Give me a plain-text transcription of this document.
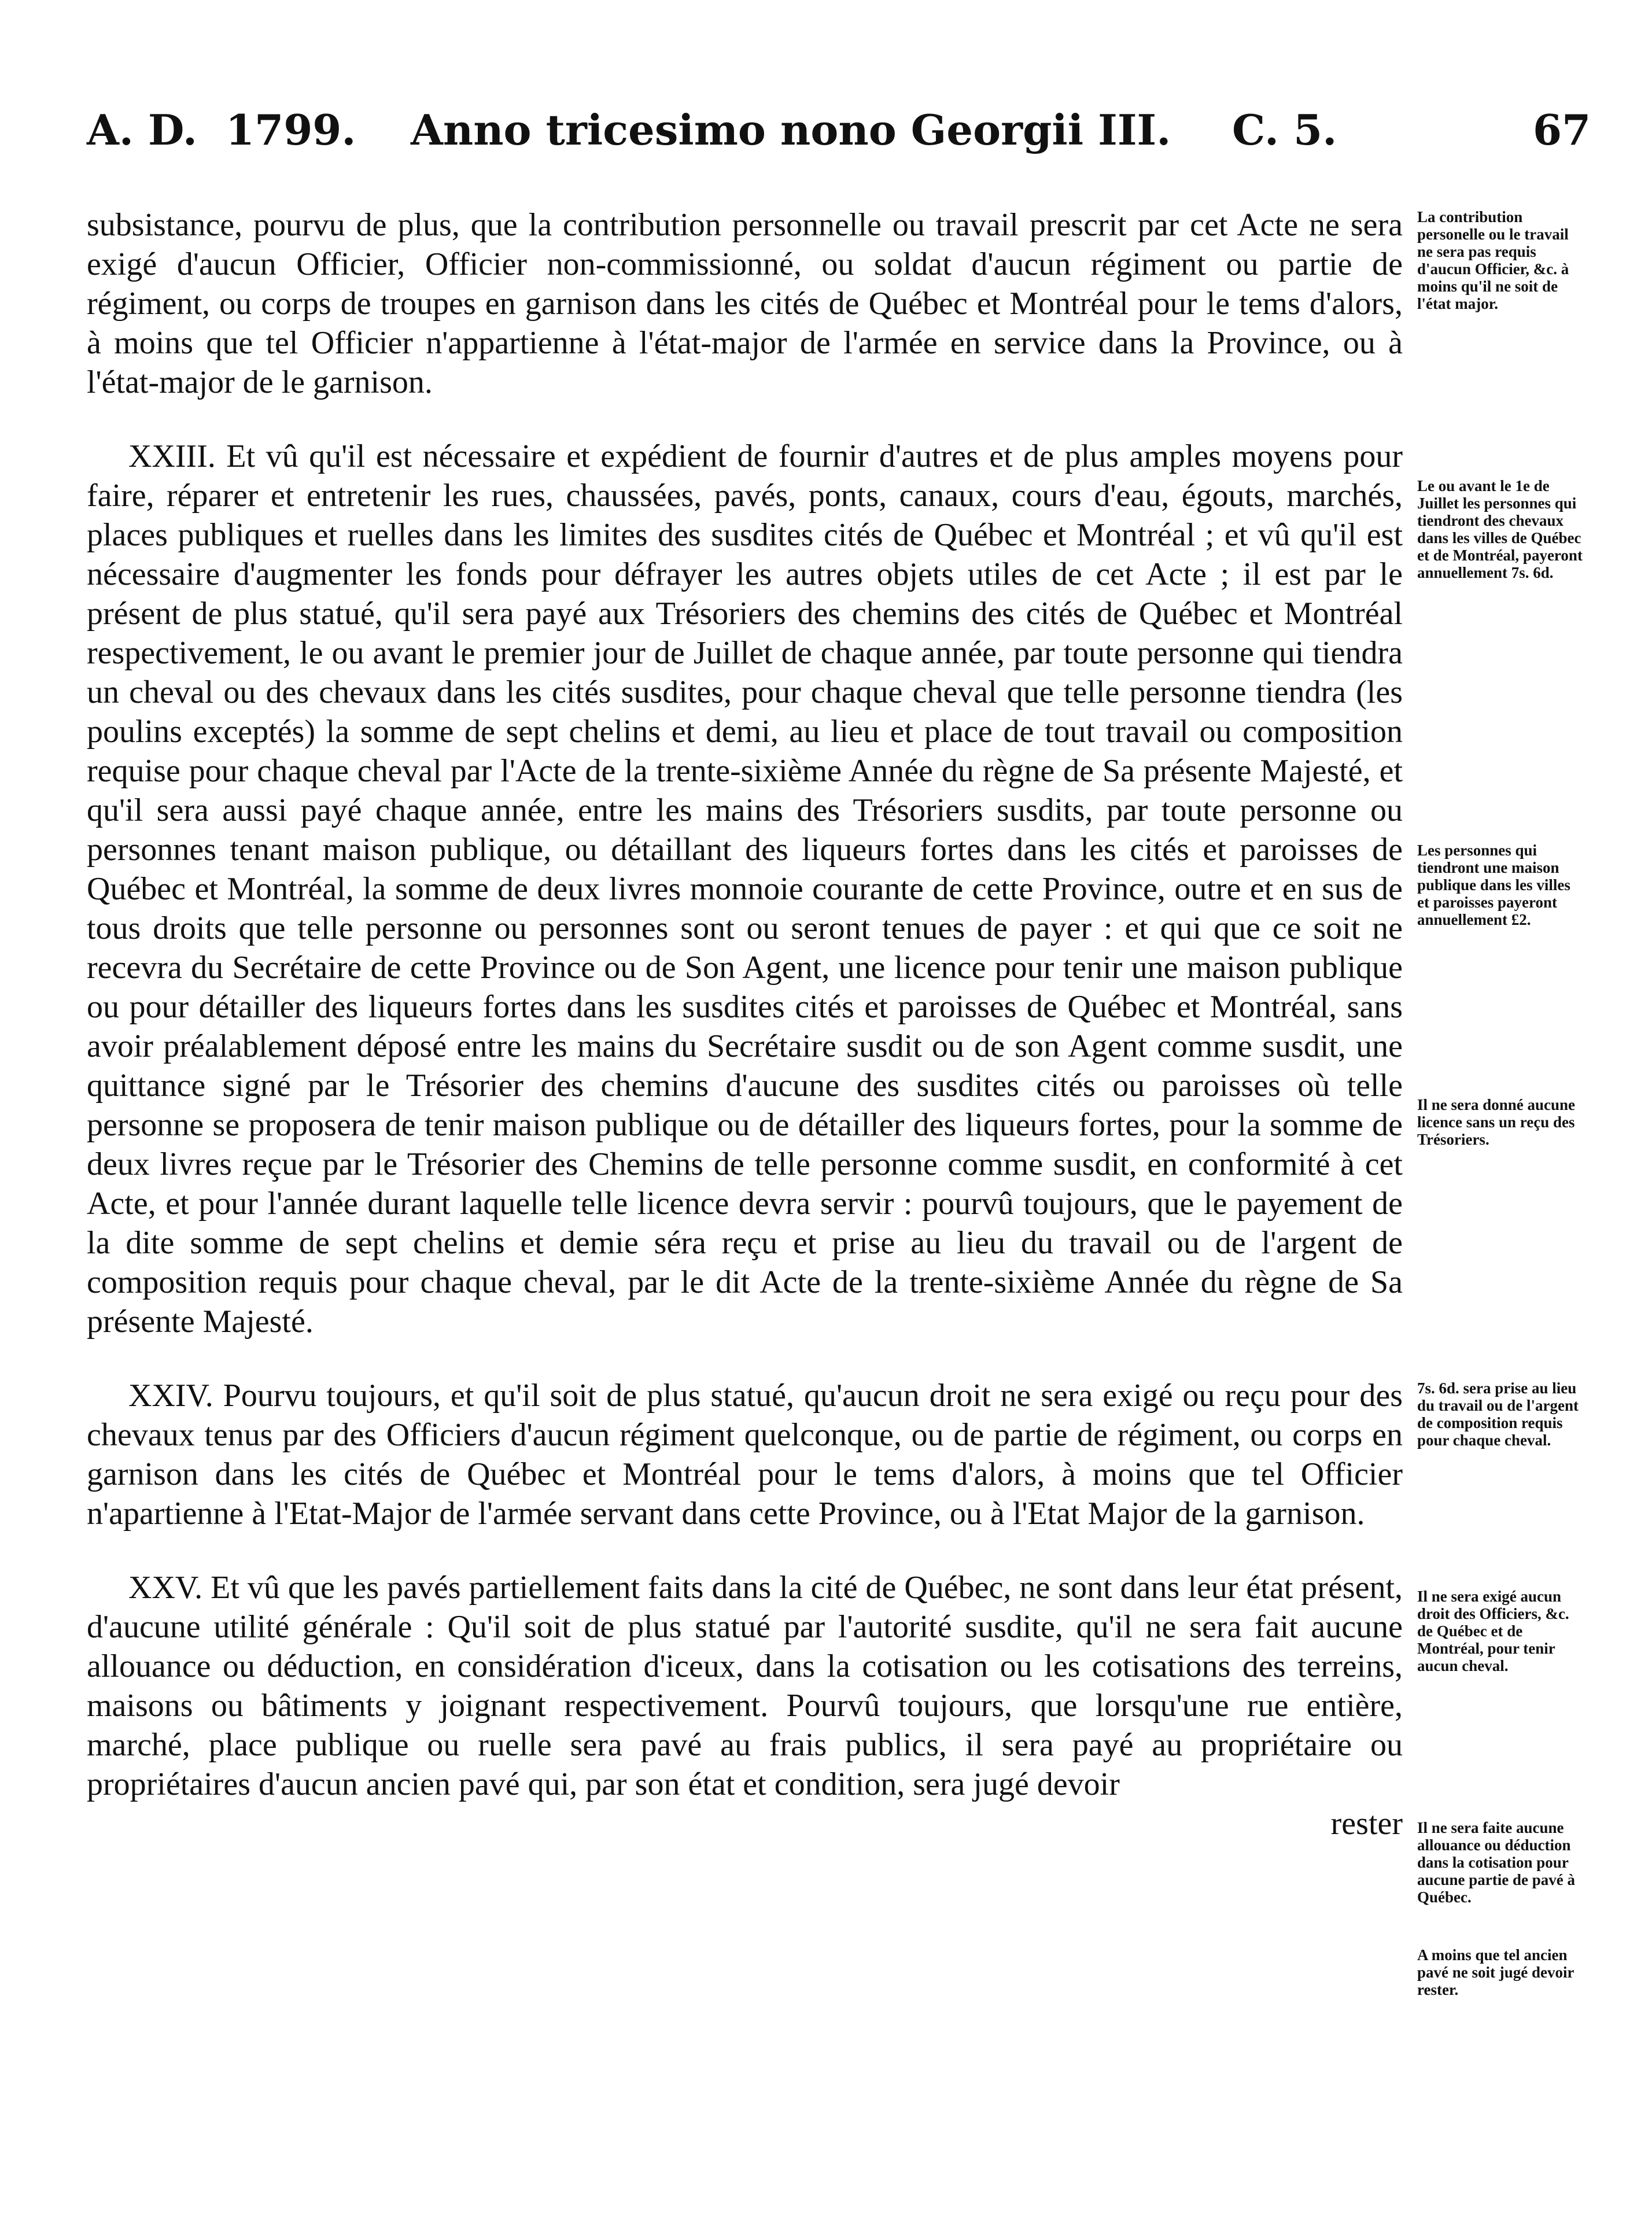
A. D. 1799. Anno tricesimo nono Georgii III. C. 5.	67

subsistance, pourvu de plus, que la contribution personnelle ou travail prescrit par cet Acte ne sera exigé d'aucun Officier, Officier non-commissionné, ou soldat d'aucun régiment ou partie de régiment, ou corps de troupes en garnison dans les cités de Québec et Montréal pour le tems d'alors, à moins que tel Officier n'appartienne à l'état-major de l'armée en service dans la Province, ou à l'état-major de le garnison.

XXIII. Et vû qu'il est nécessaire et expédient de fournir d'autres et de plus amples moyens pour faire, réparer et entretenir les rues, chaussées, pavés, ponts, canaux, cours d'eau, égouts, marchés, places publiques et ruelles dans les limites des susdites cités de Québec et Montréal ; et vû qu'il est nécessaire d'augmenter les fonds pour défrayer les autres objets utiles de cet Acte ; il est par le présent de plus statué, qu'il sera payé aux Trésoriers des chemins des cités de Québec et Montréal respectivement, le ou avant le premier jour de Juillet de chaque année, par toute personne qui tiendra un cheval ou des chevaux dans les cités susdites, pour chaque cheval que telle personne tiendra (les poulins exceptés) la somme de sept chelins et demi, au lieu et place de tout travail ou composition requise pour chaque cheval par l'Acte de la trente-sixième Année du règne de Sa présente Majesté, et qu'il sera aussi payé chaque année, entre les mains des Trésoriers susdits, par toute personne ou personnes tenant maison publique, ou détaillant des liqueurs fortes dans les cités et paroisses de Québec et Montréal, la somme de deux livres monnoie courante de cette Province, outre et en sus de tous droits que telle personne ou personnes sont ou seront tenues de payer : et qui que ce soit ne recevra du Secrétaire de cette Province ou de Son Agent, une licence pour tenir une maison publique ou pour détailler des liqueurs fortes dans les susdites cités et paroisses de Québec et Montréal, sans avoir préalablement déposé entre les mains du Secrétaire susdit ou de son Agent comme susdit, une quittance signé par le Trésorier des chemins d'aucune des susdites cités ou paroisses où telle personne se proposera de tenir maison publique ou de détailler des liqueurs fortes, pour la somme de deux livres reçue par le Trésorier des Chemins de telle personne comme susdit, en conformité à cet Acte, et pour l'année durant laquelle telle licence devra servir : pourvû toujours, que le payement de la dite somme de sept chelins et demie séra reçu et prise au lieu du travail ou de l'argent de composition requis pour chaque cheval, par le dit Acte de la trente-sixième Année du règne de Sa présente Majesté.

XXIV. Pourvu toujours, et qu'il soit de plus statué, qu'aucun droit ne sera exigé ou reçu pour des chevaux tenus par des Officiers d'aucun régiment quelconque, ou de partie de régiment, ou corps en garnison dans les cités de Québec et Montréal pour le tems d'alors, à moins que tel Officier n'apartienne à l'Etat-Major de l'armée servant dans cette Province, ou à l'Etat Major de la garnison.

XXV. Et vû que les pavés partiellement faits dans la cité de Québec, ne sont dans leur état présent, d'aucune utilité générale : Qu'il soit de plus statué par l'autorité susdite, qu'il ne sera fait aucune allouance ou déduction, en considération d'iceux, dans la cotisation ou les cotisations des terreins, maisons ou bâtiments y joignant respectivement. Pourvû toujours, que lorsqu'une rue entière, marché, place publique ou ruelle sera pavé au frais publics, il sera payé au propriétaire ou propriétaires d'aucun ancien pavé qui, par son état et condition, sera jugé devoir

rester
La contribution personelle ou le travail ne sera pas requis d'aucun Officier, &c. à moins qu'il ne soit de l'état major.
Le ou avant le 1e de Juillet les personnes qui tiendront des chevaux dans les villes de Québec et de Montréal, payeront annuellement 7s. 6d.
Les personnes qui tiendront une maison publique dans les villes et paroisses payeront annuellement £2.
Il ne sera donné aucune licence sans un reçu des Trésoriers.
7s. 6d. sera prise au lieu du travail ou de l'argent de composition requis pour chaque cheval.
Il ne sera exigé aucun droit des Officiers, &c. de Québec et de Montréal, pour tenir aucun cheval.
Il ne sera faite aucune allouance ou déduction dans la cotisation pour aucune partie de pavé à Québec.
A moins que tel ancien pavé ne soit jugé devoir rester.
